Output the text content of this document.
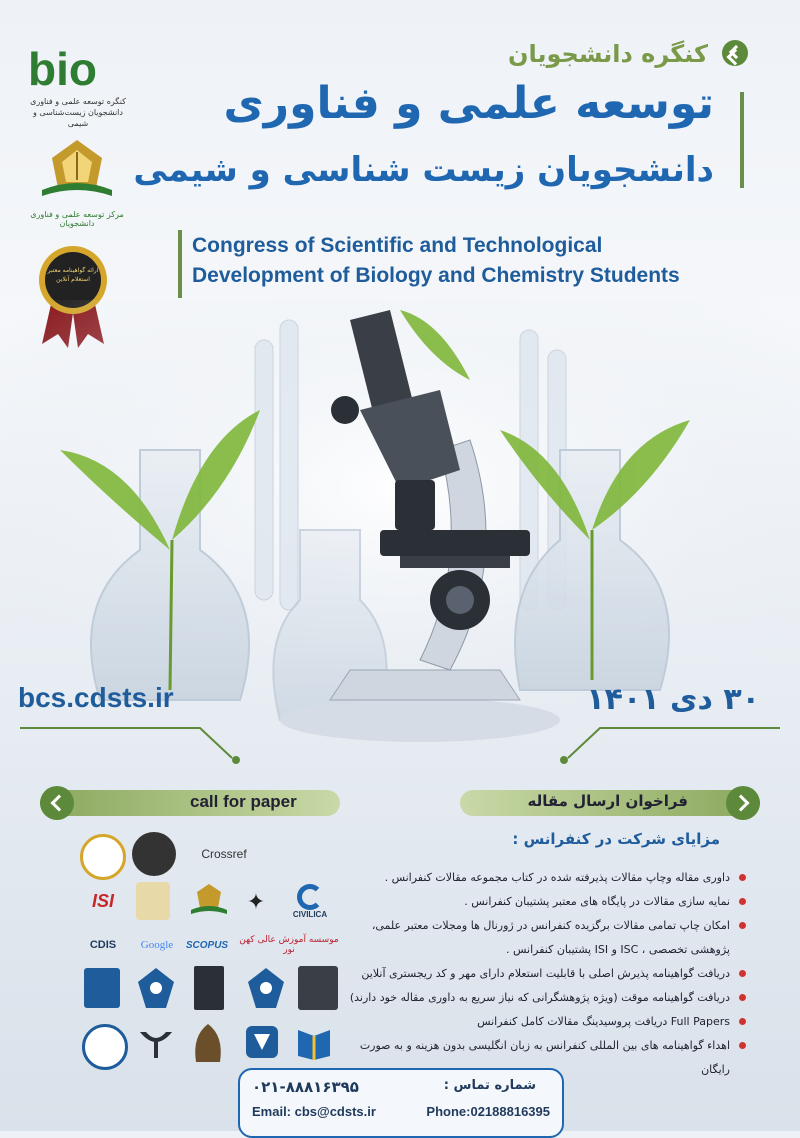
کنگره دانشجویان
توسعه علمی و فناوری
دانشجویان زیست شناسی و شیمی
Congress of Scientific and Technological
Development of Biology and Chemistry Students
bio
کنگره توسعه علمی و فناوری
دانشجویان زیست‌شناسی و شیمی
مرکز توسعه علمی و فناوری دانشجویان
ارائه گواهینامه معتبر
استعلام آنلاین
bcs.cdsts.ir	۳۰ دی ۱۴۰۱
call for paper	فراخوان ارسال مقاله
مزایای شرکت در کنفرانس :
داوری مقاله وچاپ مقالات پذیرفته شده در کتاب مجموعه مقالات کنفرانس .
نمایه سازی مقالات در پایگاه های معتبر پشتیبان کنفرانس .
امکان چاپ تمامی مقالات برگزیده کنفرانس در ژورنال ها ومجلات معتبر علمی،
پژوهشی تخصصی ، ISC و ISI پشتیبان کنفرانس .
دریافت گواهینامه پذیرش اصلی با قابلیت استعلام دارای مهر و کد ریجستری آنلاین
دریافت گواهینامه موقت (ویژه پژوهشگرانی که نیاز سریع به داوری مقاله خود دارند)
Full Papers دریافت پروسیدینگ مقالات کامل کنفرانس
اهداء گواهینامه های بین المللی کنفرانس به زبان انگلیسی بدون هزینه و به صورت رایگان
Crossref
ISI	✦	CIVILICA
CDIS	Google	SCOPUS	موسسه آموزش عالی کهن نور
شماره تماس :
۰۲۱-۸۸۸۱۶۳۹۵
Email: cbs@cdsts.ir	Phone:02188816395
